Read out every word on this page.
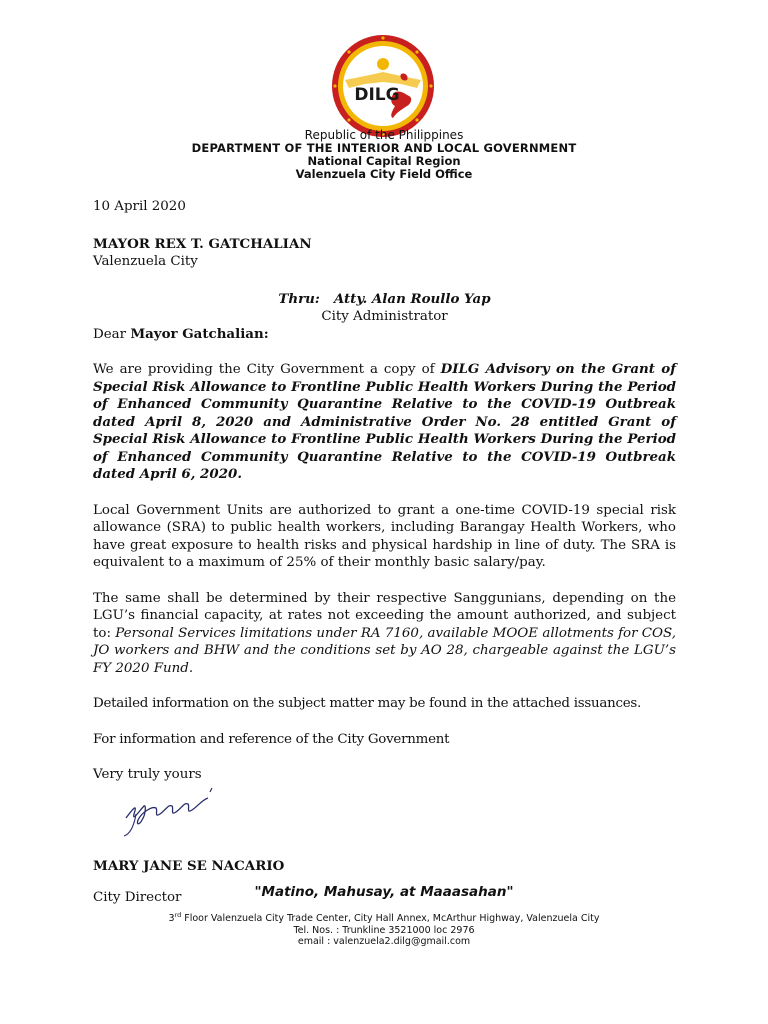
DILG
Republic of the Philippines
DEPARTMENT OF THE INTERIOR AND LOCAL GOVERNMENT
National Capital Region
Valenzuela City Field Office

10 April 2020

MAYOR REX T. GATCHALIAN

Valenzuela City

Thru: Atty. Alan Roullo Yap

City Administrator

Dear Mayor Gatchalian:

We are providing the City Government a copy of DILG Advisory on the Grant of Special Risk Allowance to Frontline Public Health Workers During the Period of Enhanced Community Quarantine Relative to the COVID-19 Outbreak dated April 8, 2020 and Administrative Order No. 28 entitled Grant of Special Risk Allowance to Frontline Public Health Workers During the Period of Enhanced Community Quarantine Relative to the COVID-19 Outbreak dated April 6, 2020.

Local Government Units are authorized to grant a one-time COVID-19 special risk allowance (SRA) to public health workers, including Barangay Health Workers, who have great exposure to health risks and physical hardship in line of duty. The SRA is equivalent to a maximum of 25% of their monthly basic salary/pay.

The same shall be determined by their respective Sanggunians, depending on the LGU’s financial capacity, at rates not exceeding the amount authorized, and subject to: Personal Services limitations under RA 7160, available MOOE allotments for COS, JO workers and BHW and the conditions set by AO 28, chargeable against the LGU’s FY 2020 Fund.

Detailed information on the subject matter may be found in the attached issuances.

For information and reference of the City Government

Very truly yours

MARY JANE SE NACARIO

City Director	"Matino, Mahusay, at Maaasahan"
3rd Floor Valenzuela City Trade Center, City Hall Annex, McArthur Highway, Valenzuela City
Tel. Nos. : Trunkline 3521000 loc 2976
email : valenzuela2.dilg@gmail.com
